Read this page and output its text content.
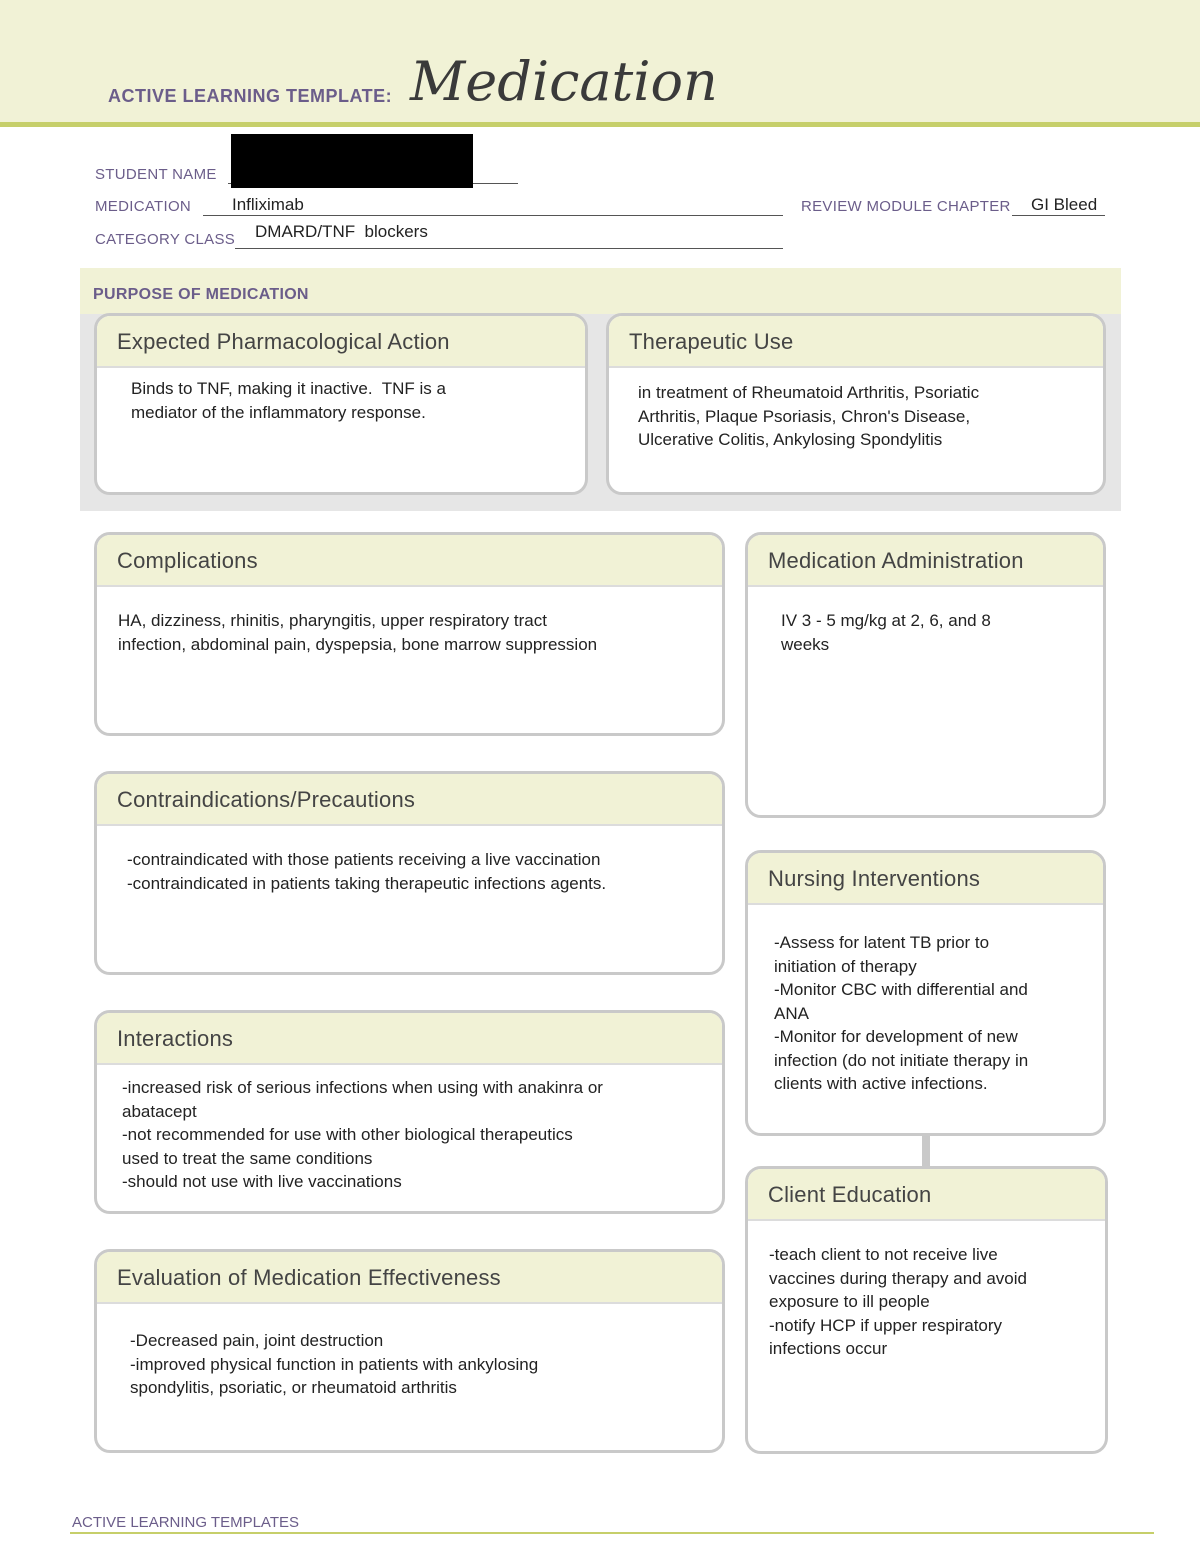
ACTIVE LEARNING TEMPLATE: Medication
STUDENT NAME
MEDICATION Infliximab	REVIEW MODULE CHAPTER GI Bleed
CATEGORY CLASS DMARD/TNF  blockers
PURPOSE OF MEDICATION
Expected Pharmacological Action
Binds to TNF, making it inactive.  TNF is a
mediator of the inflammatory response.
Therapeutic Use
in treatment of Rheumatoid Arthritis, Psoriatic
Arthritis, Plaque Psoriasis, Chron's Disease,
Ulcerative Colitis, Ankylosing Spondylitis
Complications
HA, dizziness, rhinitis, pharyngitis, upper respiratory tract
infection, abdominal pain, dyspepsia, bone marrow suppression
Medication Administration
IV 3 - 5 mg/kg at 2, 6, and 8
weeks
Contraindications/Precautions
-contraindicated with those patients receiving a live vaccination
-contraindicated in patients taking therapeutic infections agents.	Nursing Interventions
-Assess for latent TB prior to
initiation of therapy
-Monitor CBC with differential and
ANA
-Monitor for development of new
infection (do not initiate therapy in
clients with active infections.
Interactions
-increased risk of serious infections when using with anakinra or
abatacept
-not recommended for use with other biological therapeutics
used to treat the same conditions
-should not use with live vaccinations
Client Education
-teach client to not receive live
vaccines during therapy and avoid
exposure to ill people
-notify HCP if upper respiratory
infections occur
Evaluation of Medication Effectiveness
-Decreased pain, joint destruction
-improved physical function in patients with ankylosing
spondylitis, psoriatic, or rheumatoid arthritis
ACTIVE LEARNING TEMPLATES
